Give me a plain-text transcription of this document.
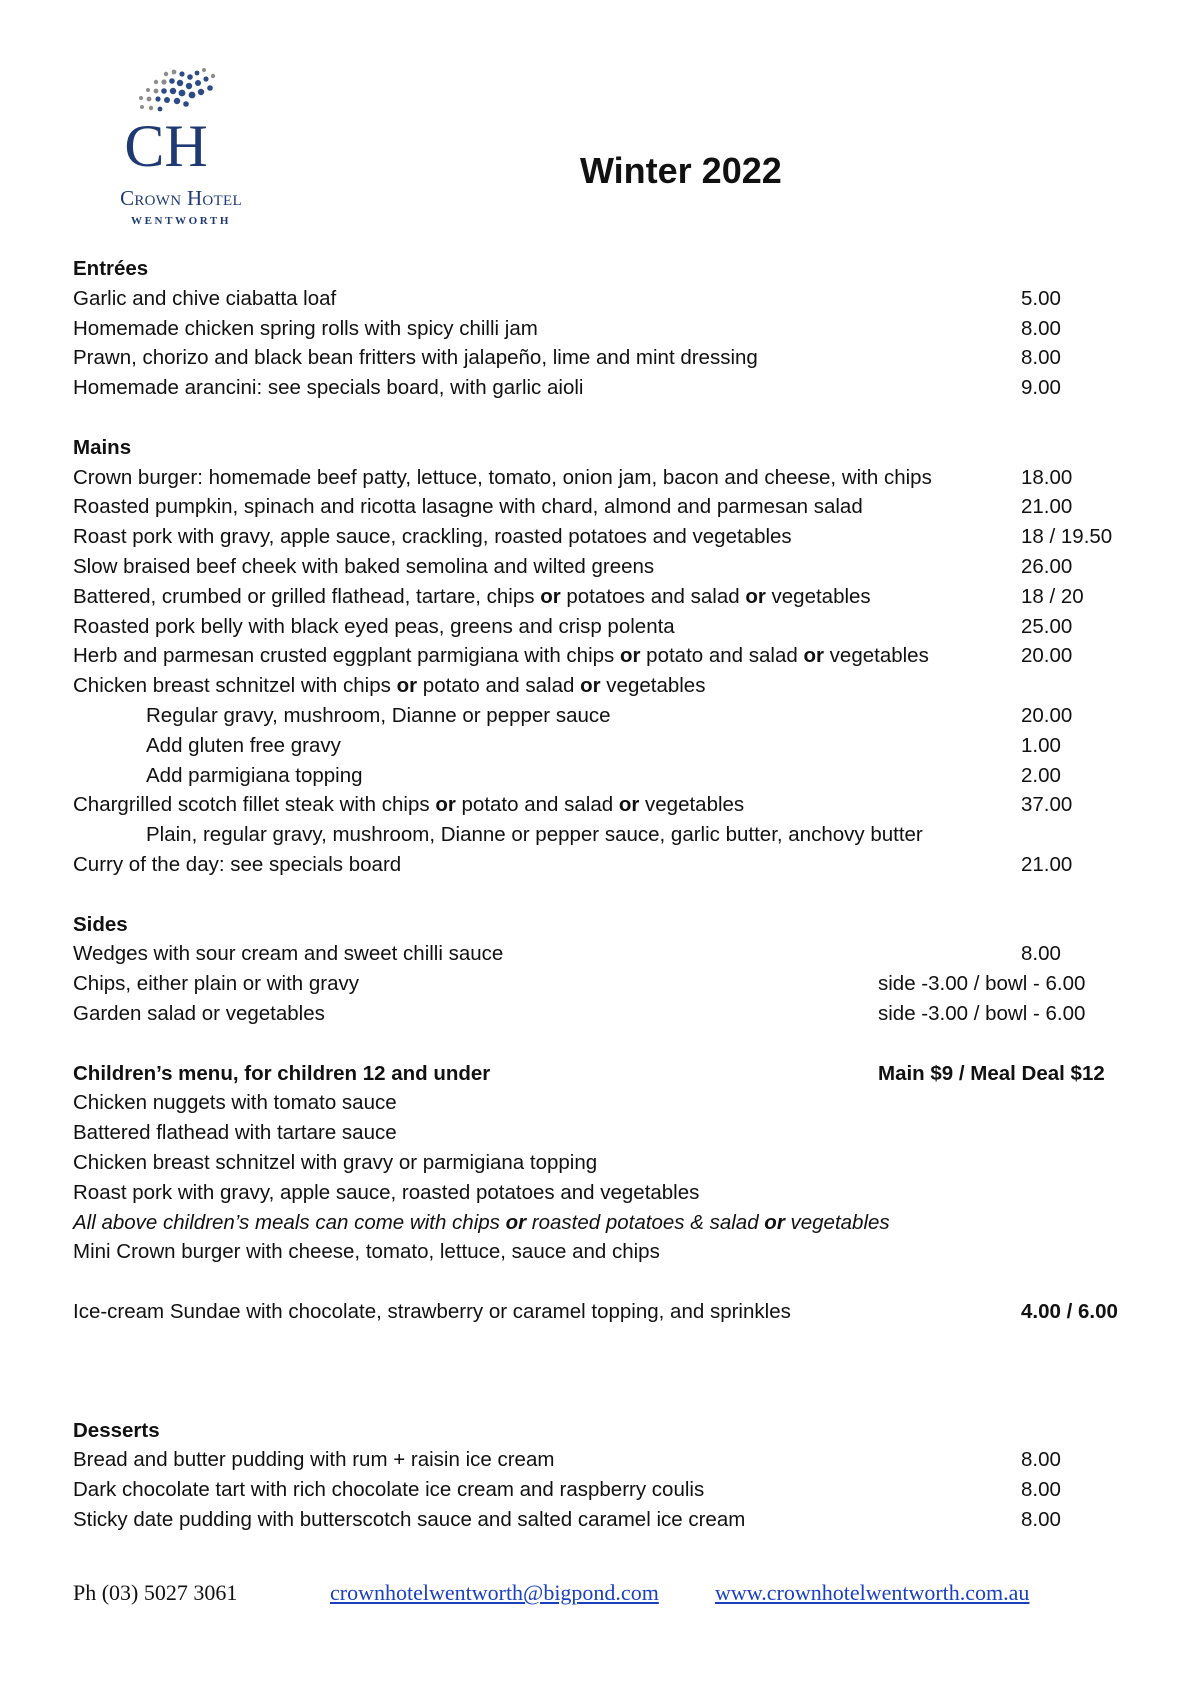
CH
Crown Hotel
WENTWORTH
Winter 2022
Entrées
Garlic and chive ciabatta loaf	5.00
Homemade chicken spring rolls with spicy chilli jam	8.00
Prawn, chorizo and black bean fritters with jalapeño, lime and mint dressing	8.00
Homemade arancini: see specials board, with garlic aioli	9.00
Mains
Crown burger: homemade beef patty, lettuce, tomato, onion jam, bacon and cheese, with chips	18.00
Roasted pumpkin, spinach and ricotta lasagne with chard, almond and parmesan salad	21.00
Roast pork with gravy, apple sauce, crackling, roasted potatoes and vegetables	18 / 19.50
Slow braised beef cheek with baked semolina and wilted greens	26.00
Battered, crumbed or grilled flathead, tartare, chips or potatoes and salad or vegetables	18 / 20
Roasted pork belly with black eyed peas, greens and crisp polenta	25.00
Herb and parmesan crusted eggplant parmigiana with chips or potato and salad or vegetables	20.00
Chicken breast schnitzel with chips or potato and salad or vegetables
Regular gravy, mushroom, Dianne or pepper sauce	20.00
Add gluten free gravy	1.00
Add parmigiana topping	2.00
Chargrilled scotch fillet steak with chips or potato and salad or vegetables	37.00
Plain, regular gravy, mushroom, Dianne or pepper sauce, garlic butter, anchovy butter
Curry of the day: see specials board	21.00
Sides
Wedges with sour cream and sweet chilli sauce	8.00
Chips, either plain or with gravy	side -3.00 / bowl - 6.00
Garden salad or vegetables	side -3.00 / bowl - 6.00
Children’s menu, for children 12 and under	Main $9 / Meal Deal $12
Chicken nuggets with tomato sauce
Battered flathead with tartare sauce
Chicken breast schnitzel with gravy or parmigiana topping
Roast pork with gravy, apple sauce, roasted potatoes and vegetables
All above children’s meals can come with chips or roasted potatoes & salad or vegetables
Mini Crown burger with cheese, tomato, lettuce, sauce and chips
Ice-cream Sundae with chocolate, strawberry or caramel topping, and sprinkles	4.00 / 6.00
Desserts
Bread and butter pudding with rum + raisin ice cream	8.00
Dark chocolate tart with rich chocolate ice cream and raspberry coulis	8.00
Sticky date pudding with butterscotch sauce and salted caramel ice cream	8.00
Ph (03) 5027 3061	crownhotelwentworth@bigpond.com	www.crownhotelwentworth.com.au
